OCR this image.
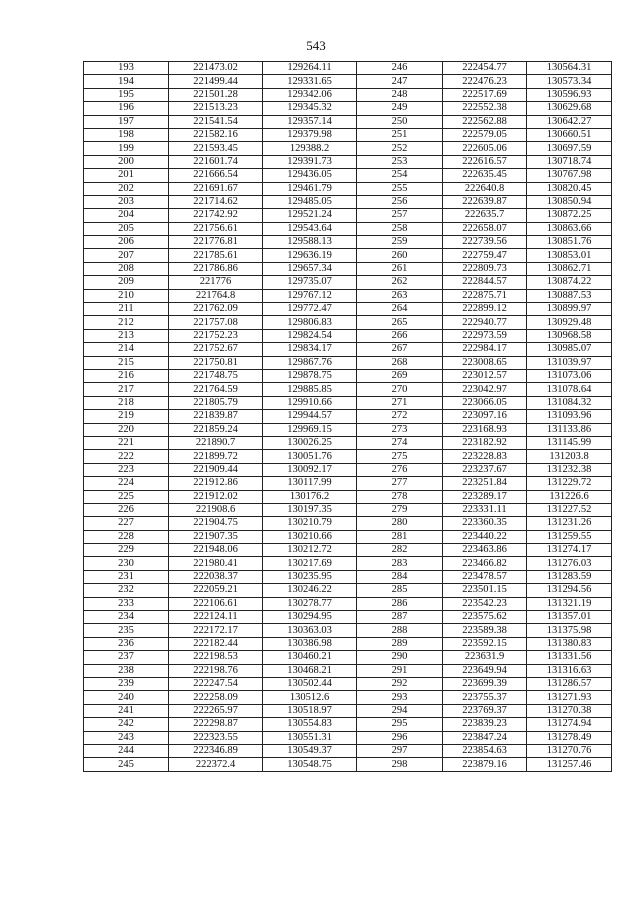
543
193	221473.02	129264.11	246	222454.77	130564.31
194	221499.44	129331.65	247	222476.23	130573.34
195	221501.28	129342.06	248	222517.69	130596.93
196	221513.23	129345.32	249	222552.38	130629.68
197	221541.54	129357.14	250	222562.88	130642.27
198	221582.16	129379.98	251	222579.05	130660.51
199	221593.45	129388.2	252	222605.06	130697.59
200	221601.74	129391.73	253	222616.57	130718.74
201	221666.54	129436.05	254	222635.45	130767.98
202	221691.67	129461.79	255	222640.8	130820.45
203	221714.62	129485.05	256	222639.87	130850.94
204	221742.92	129521.24	257	222635.7	130872.25
205	221756.61	129543.64	258	222658.07	130863.66
206	221776.81	129588.13	259	222739.56	130851.76
207	221785.61	129636.19	260	222759.47	130853.01
208	221786.86	129657.34	261	222809.73	130862.71
209	221776	129735.07	262	222844.57	130874.22
210	221764.8	129767.12	263	222875.71	130887.53
211	221762.09	129772.47	264	222899.12	130899.97
212	221757.08	129806.83	265	222940.77	130929.48
213	221752.23	129824.54	266	222973.59	130968.58
214	221752.67	129834.17	267	222984.17	130985.07
215	221750.81	129867.76	268	223008.65	131039.97
216	221748.75	129878.75	269	223012.57	131073.06
217	221764.59	129885.85	270	223042.97	131078.64
218	221805.79	129910.66	271	223066.05	131084.32
219	221839.87	129944.57	272	223097.16	131093.96
220	221859.24	129969.15	273	223168.93	131133.86
221	221890.7	130026.25	274	223182.92	131145.99
222	221899.72	130051.76	275	223228.83	131203.8
223	221909.44	130092.17	276	223237.67	131232.38
224	221912.86	130117.99	277	223251.84	131229.72
225	221912.02	130176.2	278	223289.17	131226.6
226	221908.6	130197.35	279	223331.11	131227.52
227	221904.75	130210.79	280	223360.35	131231.26
228	221907.35	130210.66	281	223440.22	131259.55
229	221948.06	130212.72	282	223463.86	131274.17
230	221980.41	130217.69	283	223466.82	131276.03
231	222038.37	130235.95	284	223478.57	131283.59
232	222059.21	130246.22	285	223501.15	131294.56
233	222106.61	130278.77	286	223542.23	131321.19
234	222124.11	130294.95	287	223575.62	131357.01
235	222172.17	130363.03	288	223589.38	131375.98
236	222182.44	130386.98	289	223592.15	131380.83
237	222198.53	130460.21	290	223631.9	131331.56
238	222198.76	130468.21	291	223649.94	131316.63
239	222247.54	130502.44	292	223699.39	131286.57
240	222258.09	130512.6	293	223755.37	131271.93
241	222265.97	130518.97	294	223769.37	131270.38
242	222298.87	130554.83	295	223839.23	131274.94
243	222323.55	130551.31	296	223847.24	131278.49
244	222346.89	130549.37	297	223854.63	131270.76
245	222372.4	130548.75	298	223879.16	131257.46
